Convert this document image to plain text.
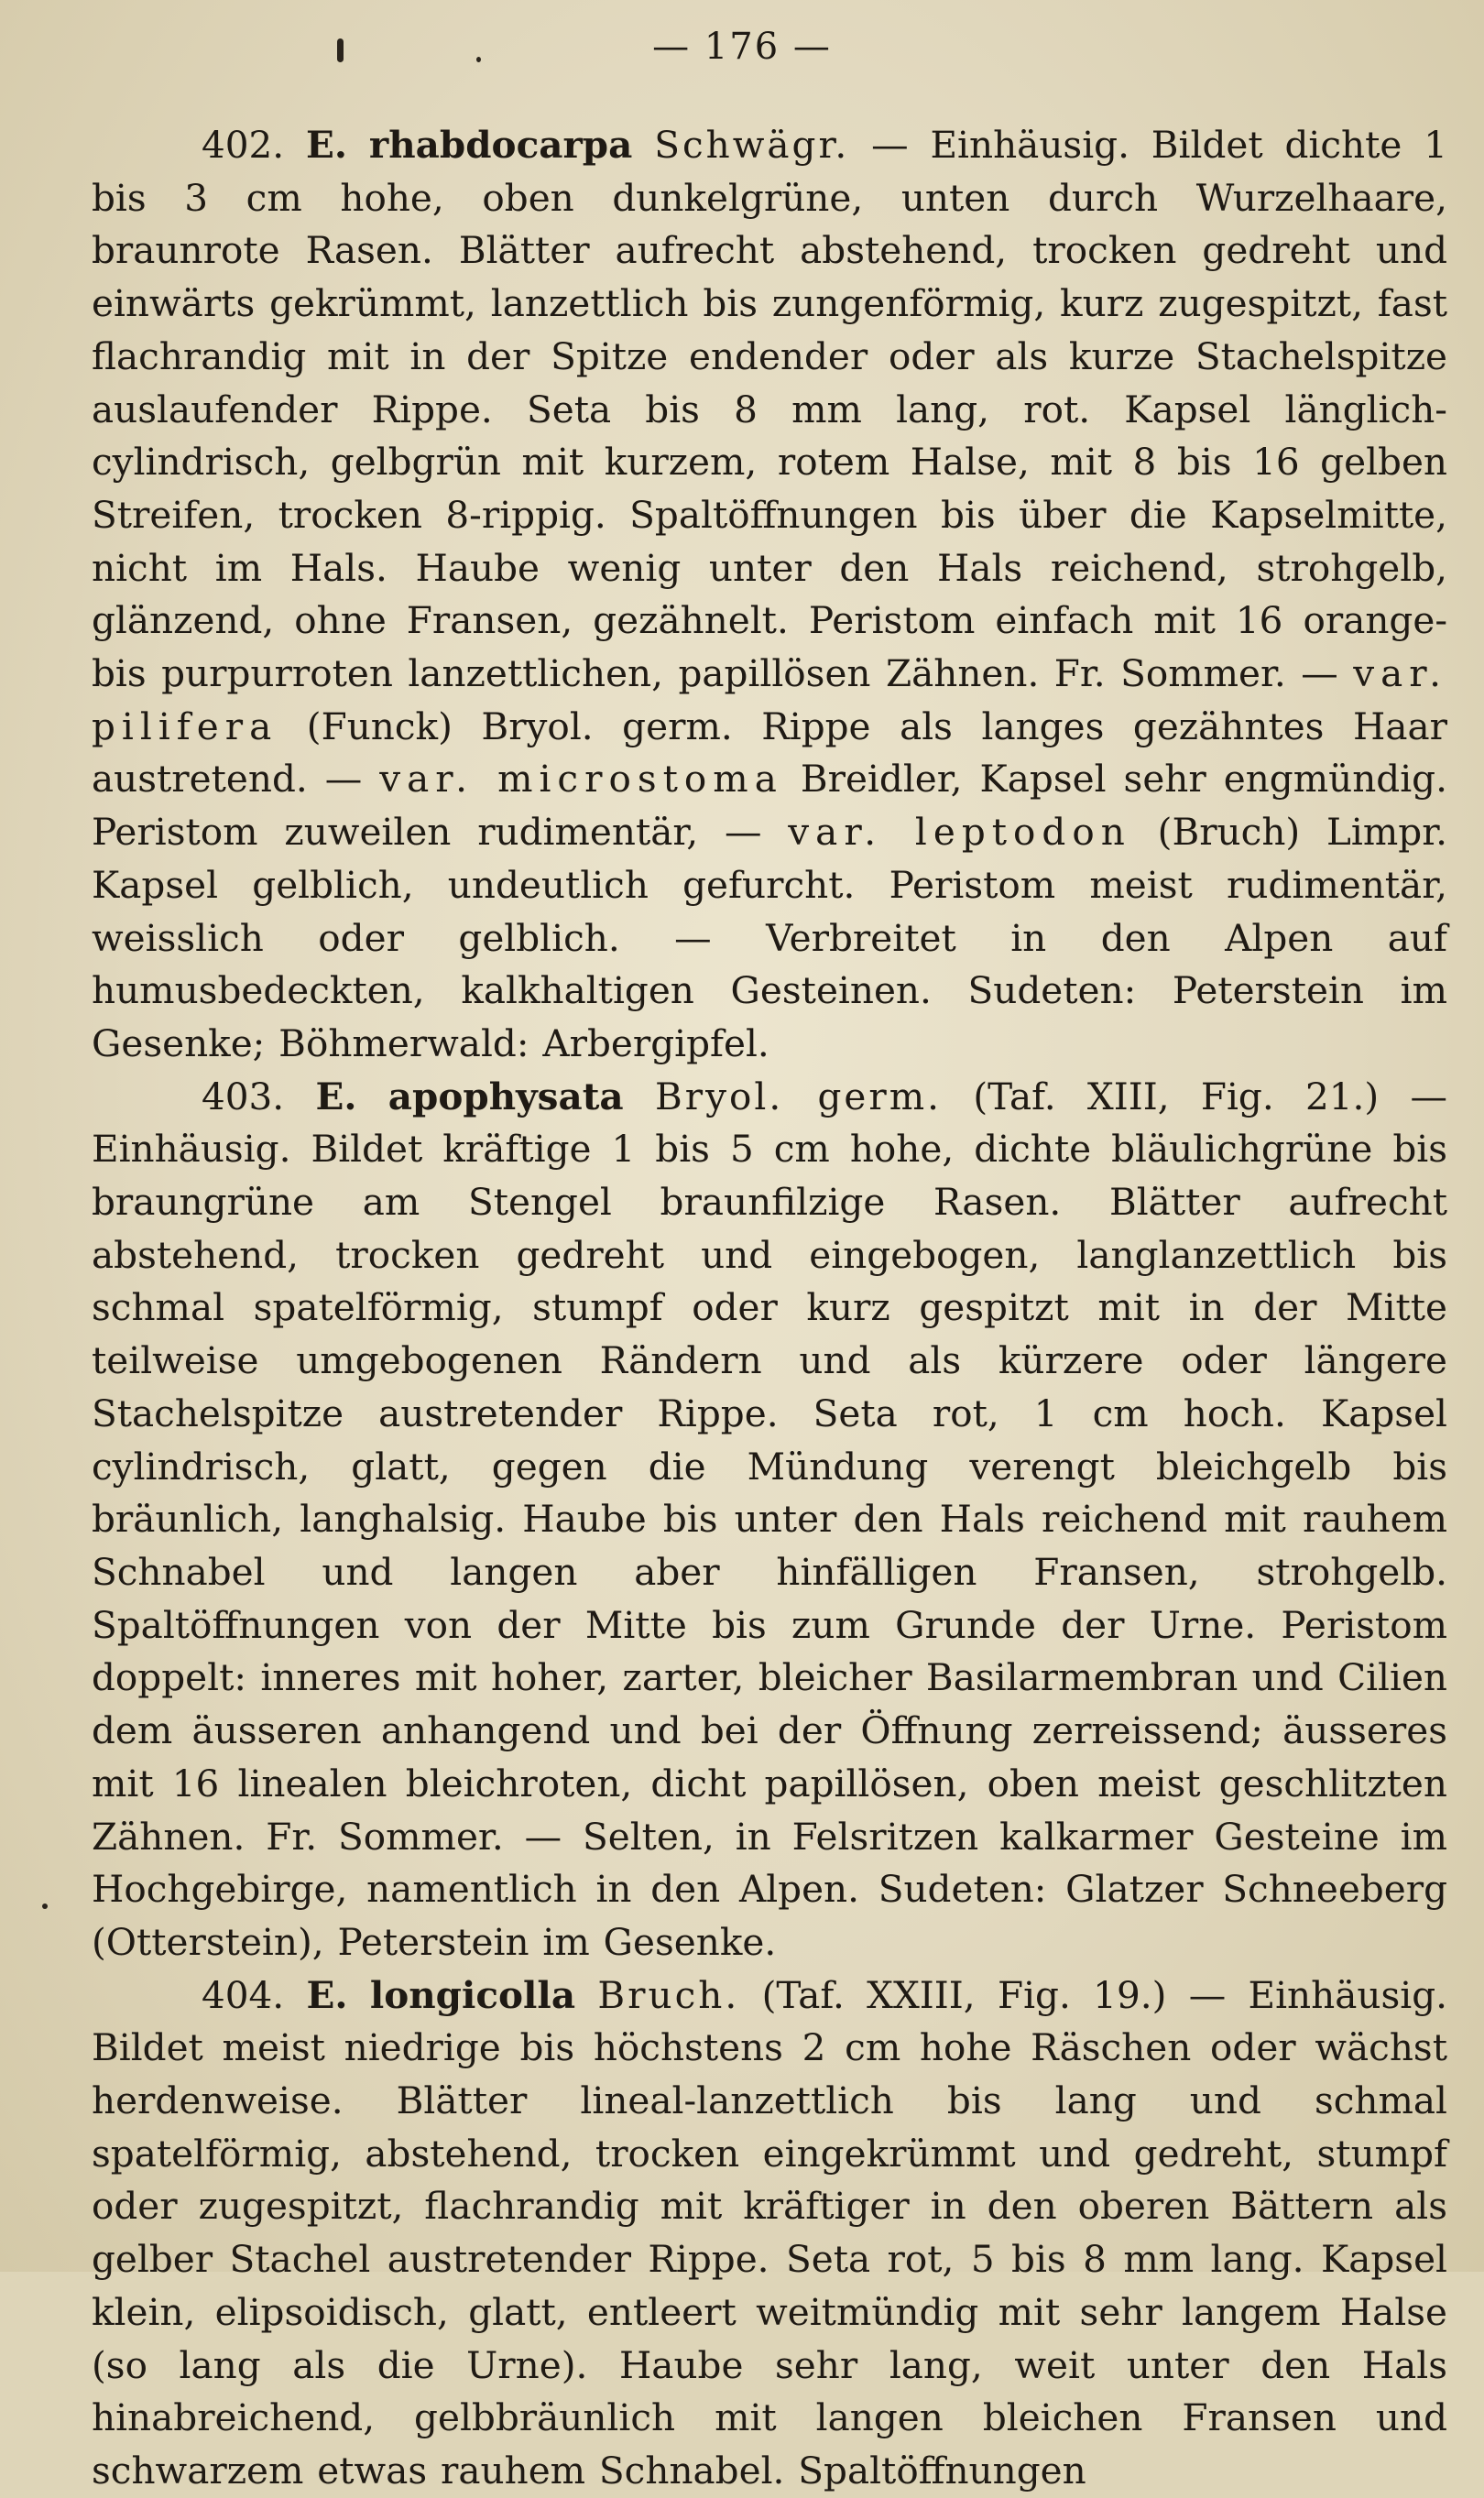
— 176 —

402. E. rhabdocarpa Schwägr. — Einhäusig. Bildet dichte 1 bis 3 cm hohe, oben dunkelgrüne, unten durch Wurzelhaare, braunrote Rasen. Blätter aufrecht abstehend, trocken gedreht und einwärts gekrümmt, lanzettlich bis zungenförmig, kurz zugespitzt, fast flachrandig mit in der Spitze endender oder als kurze Stachelspitze auslaufender Rippe. Seta bis 8 mm lang, rot. Kapsel länglich-cylindrisch, gelbgrün mit kurzem, rotem Halse, mit 8 bis 16 gelben Streifen, trocken 8-rippig. Spaltöffnungen bis über die Kapselmitte, nicht im Hals. Haube wenig unter den Hals reichend, strohgelb, glänzend, ohne Fransen, gezähnelt. Peristom einfach mit 16 orange- bis purpurroten lanzettlichen, papillösen Zähnen. Fr. Sommer. — var. pilifera (Funck) Bryol. germ. Rippe als langes gezähntes Haar austretend. — var. microstoma Breidler, Kapsel sehr engmündig. Peristom zuweilen rudimentär, — var. leptodon (Bruch) Limpr. Kapsel gelblich, undeutlich gefurcht. Peristom meist rudimentär, weisslich oder gelblich. — Verbreitet in den Alpen auf humusbedeckten, kalkhaltigen Gesteinen. Sudeten: Peterstein im Gesenke; Böhmerwald: Arbergipfel.

403. E. apophysata Bryol. germ. (Taf. XIII, Fig. 21.) — Einhäusig. Bildet kräftige 1 bis 5 cm hohe, dichte bläulichgrüne bis braungrüne am Stengel braunfilzige Rasen. Blätter aufrecht abstehend, trocken gedreht und eingebogen, langlanzettlich bis schmal spatelförmig, stumpf oder kurz gespitzt mit in der Mitte teilweise umgebogenen Rändern und als kürzere oder längere Stachelspitze austretender Rippe. Seta rot, 1 cm hoch. Kapsel cylindrisch, glatt, gegen die Mündung verengt bleichgelb bis bräunlich, langhalsig. Haube bis unter den Hals reichend mit rauhem Schnabel und langen aber hinfälligen Fransen, strohgelb. Spaltöffnungen von der Mitte bis zum Grunde der Urne. Peristom doppelt: inneres mit hoher, zarter, bleicher Basilarmembran und Cilien dem äusseren anhangend und bei der Öffnung zerreissend; äusseres mit 16 linealen bleichroten, dicht papillösen, oben meist geschlitzten Zähnen. Fr. Sommer. — Selten, in Felsritzen kalkarmer Gesteine im Hochgebirge, namentlich in den Alpen. Sudeten: Glatzer Schneeberg (Otterstein), Peterstein im Gesenke.

404. E. longicolla Bruch. (Taf. XXIII, Fig. 19.) — Einhäusig. Bildet meist niedrige bis höchstens 2 cm hohe Räschen oder wächst herdenweise. Blätter lineal-lanzettlich bis lang und schmal spatelförmig, abstehend, trocken eingekrümmt und gedreht, stumpf oder zugespitzt, flachrandig mit kräftiger in den oberen Bättern als gelber Stachel austretender Rippe. Seta rot, 5 bis 8 mm lang. Kapsel klein, elipsoidisch, glatt, entleert weitmündig mit sehr langem Halse (so lang als die Urne). Haube sehr lang, weit unter den Hals hinabreichend, gelbbräunlich mit langen bleichen Fransen und schwarzem etwas rauhem Schnabel. Spaltöffnungen
